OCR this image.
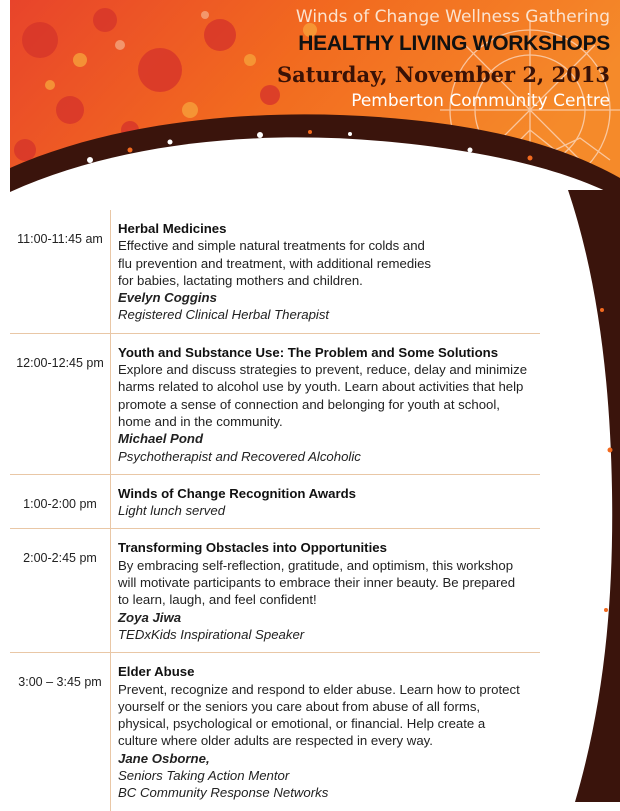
Winds of Change Wellness Gathering
HEALTHY LIVING WORKSHOPS
Saturday, November 2, 2013
Pemberton Community Centre
11:00-11:45 am
Herbal Medicines
Effective and simple natural treatments for colds and
flu prevention and treatment, with additional remedies
for babies, lactating mothers and children.
Evelyn Coggins
Registered Clinical Herbal Therapist
12:00-12:45 pm
Youth and Substance Use: The Problem and Some Solutions
Explore and discuss strategies to prevent, reduce, delay and minimize
harms related to alcohol use by youth. Learn about activities that help
promote a sense of connection and belonging for youth at school,
home and in the community.
Michael Pond
Psychotherapist and Recovered Alcoholic
1:00-2:00 pm
Winds of Change Recognition Awards
Light lunch served
2:00-2:45 pm
Transforming Obstacles into Opportunities
By embracing self-reflection, gratitude, and optimism, this workshop
will motivate participants to embrace their inner beauty. Be prepared
to learn, laugh, and feel confident!
Zoya Jiwa
TEDxKids Inspirational Speaker
3:00 – 3:45 pm
Elder Abuse
Prevent, recognize and respond to elder abuse. Learn how to protect
yourself or the seniors you care about from abuse of all forms,
physical, psychological or emotional, or financial. Help create a
culture where older adults are respected in every way.
Jane Osborne,
Seniors Taking Action Mentor
BC Community Response Networks
